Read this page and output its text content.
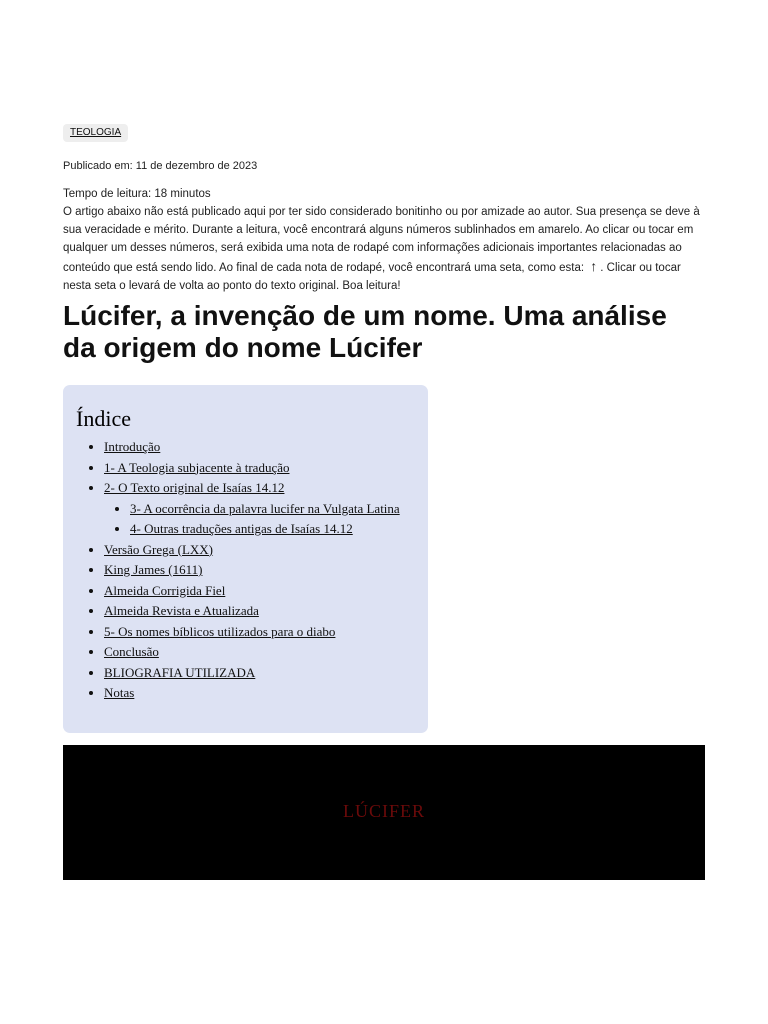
TEOLOGIA
Publicado em: 11 de dezembro de 2023

Tempo de leitura: 18 minutos

O artigo abaixo não está publicado aqui por ter sido considerado bonitinho ou por amizade ao autor. Sua presença se deve à sua veracidade e mérito. Durante a leitura, você encontrará alguns números sublinhados em amarelo. Ao clicar ou tocar em qualquer um desses números, será exibida uma nota de rodapé com informações adicionais importantes relacionadas ao conteúdo que está sendo lido. Ao final de cada nota de rodapé, você encontrará uma seta, como esta: ↑ . Clicar ou tocar nesta seta o levará de volta ao ponto do texto original. Boa leitura!

Lúcifer, a invenção de um nome. Uma análise da origem do nome Lúcifer
Índice
• Introdução
• 1- A Teologia subjacente à tradução
• 2- O Texto original de Isaías 14.12
• 3- A ocorrência da palavra lucifer na Vulgata Latina
• 4- Outras traduções antigas de Isaías 14.12
• Versão Grega (LXX)
• King James (1611)
• Almeida Corrigida Fiel
• Almeida Revista e Atualizada
• 5- Os nomes bíblicos utilizados para o diabo
• Conclusão
• BLIOGRAFIA UTILIZADA
• Notas
LÚCIFER
